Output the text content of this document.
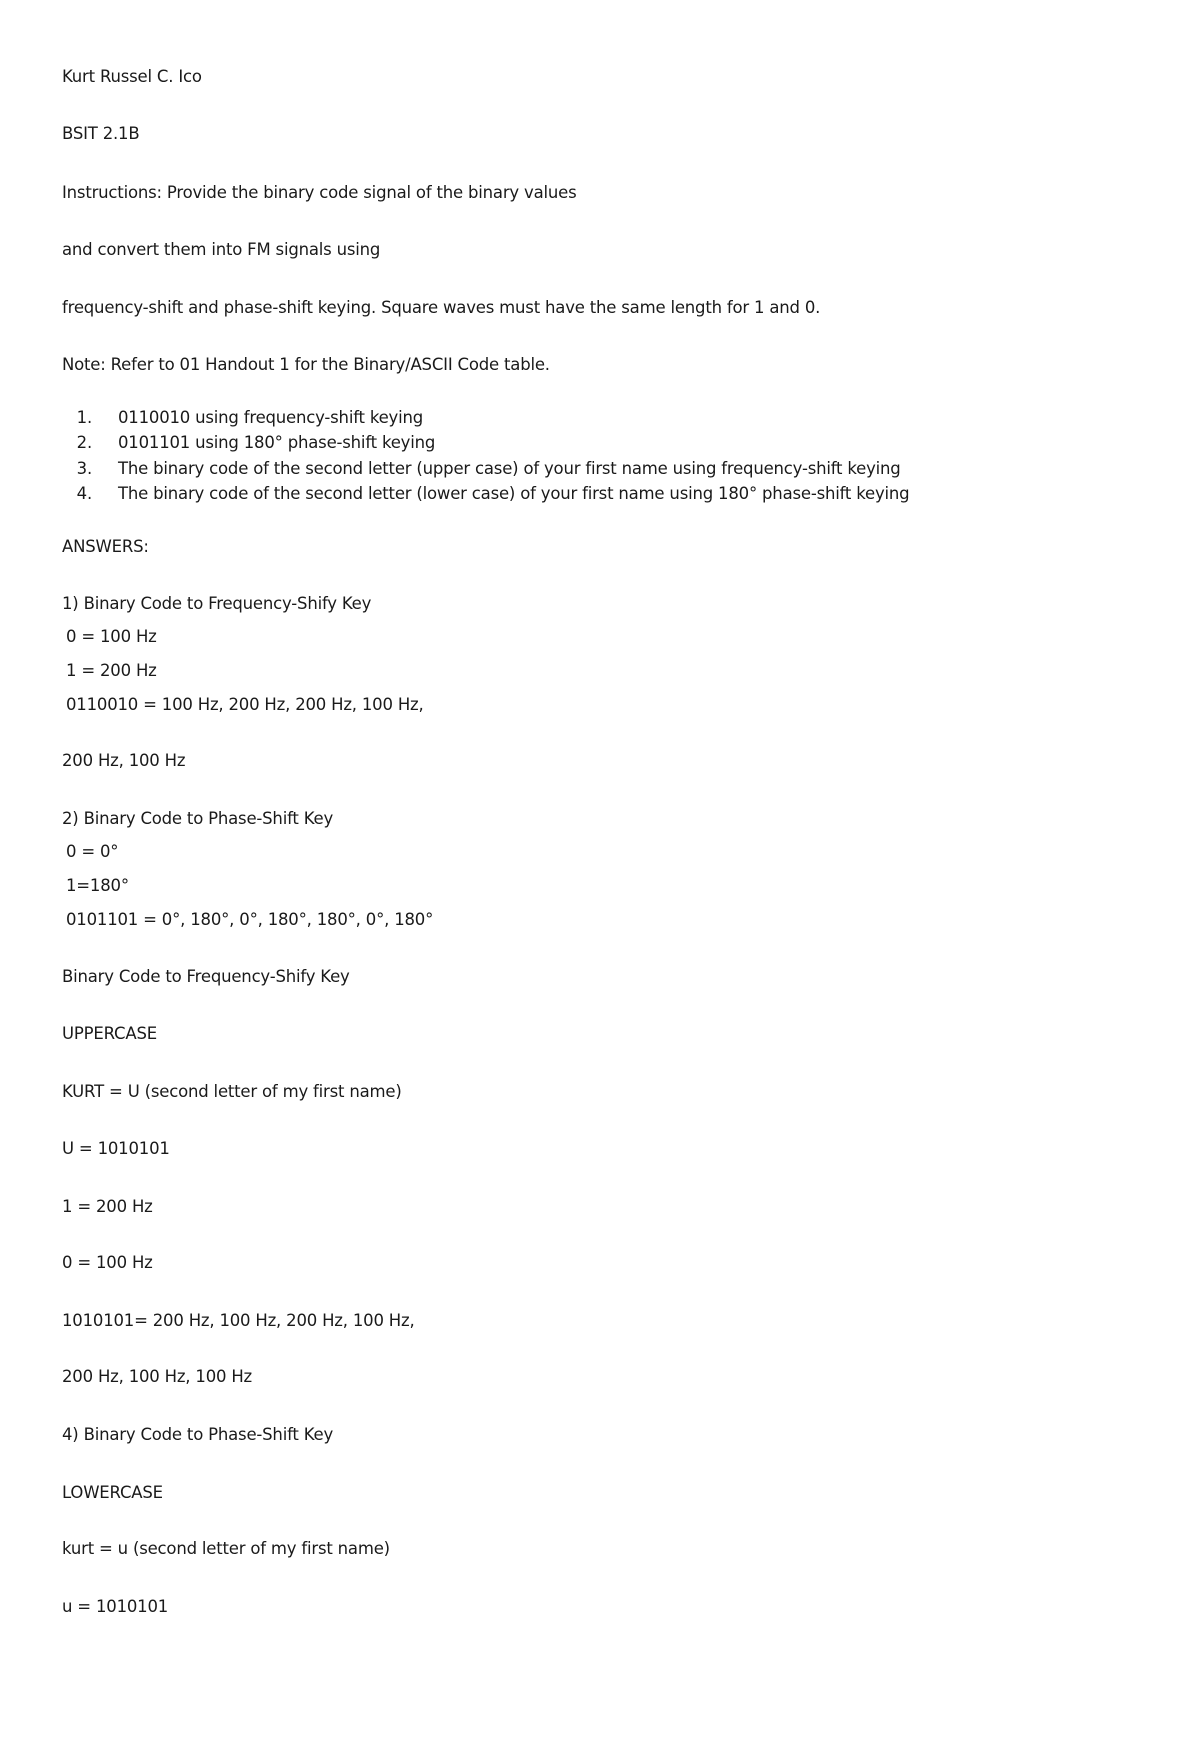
Kurt Russel C. Ico
BSIT 2.1B
Instructions: Provide the binary code signal of the binary values
and convert them into FM signals using
frequency-shift and phase-shift keying. Square waves must have the same length for 1 and 0.
Note: Refer to 01 Handout 1 for the Binary/ASCII Code table.
1. 0110010 using frequency-shift keying
2. 0101101 using 180° phase-shift keying
3. The binary code of the second letter (upper case) of your first name using frequency-shift keying
4. The binary code of the second letter (lower case) of your first name using 180° phase-shift keying
ANSWERS:
1) Binary Code to Frequency-Shify Key
0 = 100 Hz
1 = 200 Hz
0110010 = 100 Hz, 200 Hz, 200 Hz, 100 Hz,
200 Hz, 100 Hz
2) Binary Code to Phase-Shift Key
0 = 0°
1=180°
0101101 = 0°, 180°, 0°, 180°, 180°, 0°, 180°
Binary Code to Frequency-Shify Key
UPPERCASE
KURT = U (second letter of my first name)
U = 1010101
1 = 200 Hz
0 = 100 Hz
1010101= 200 Hz, 100 Hz, 200 Hz, 100 Hz,
200 Hz, 100 Hz, 100 Hz
4) Binary Code to Phase-Shift Key
LOWERCASE
kurt = u (second letter of my first name)
u = 1010101
